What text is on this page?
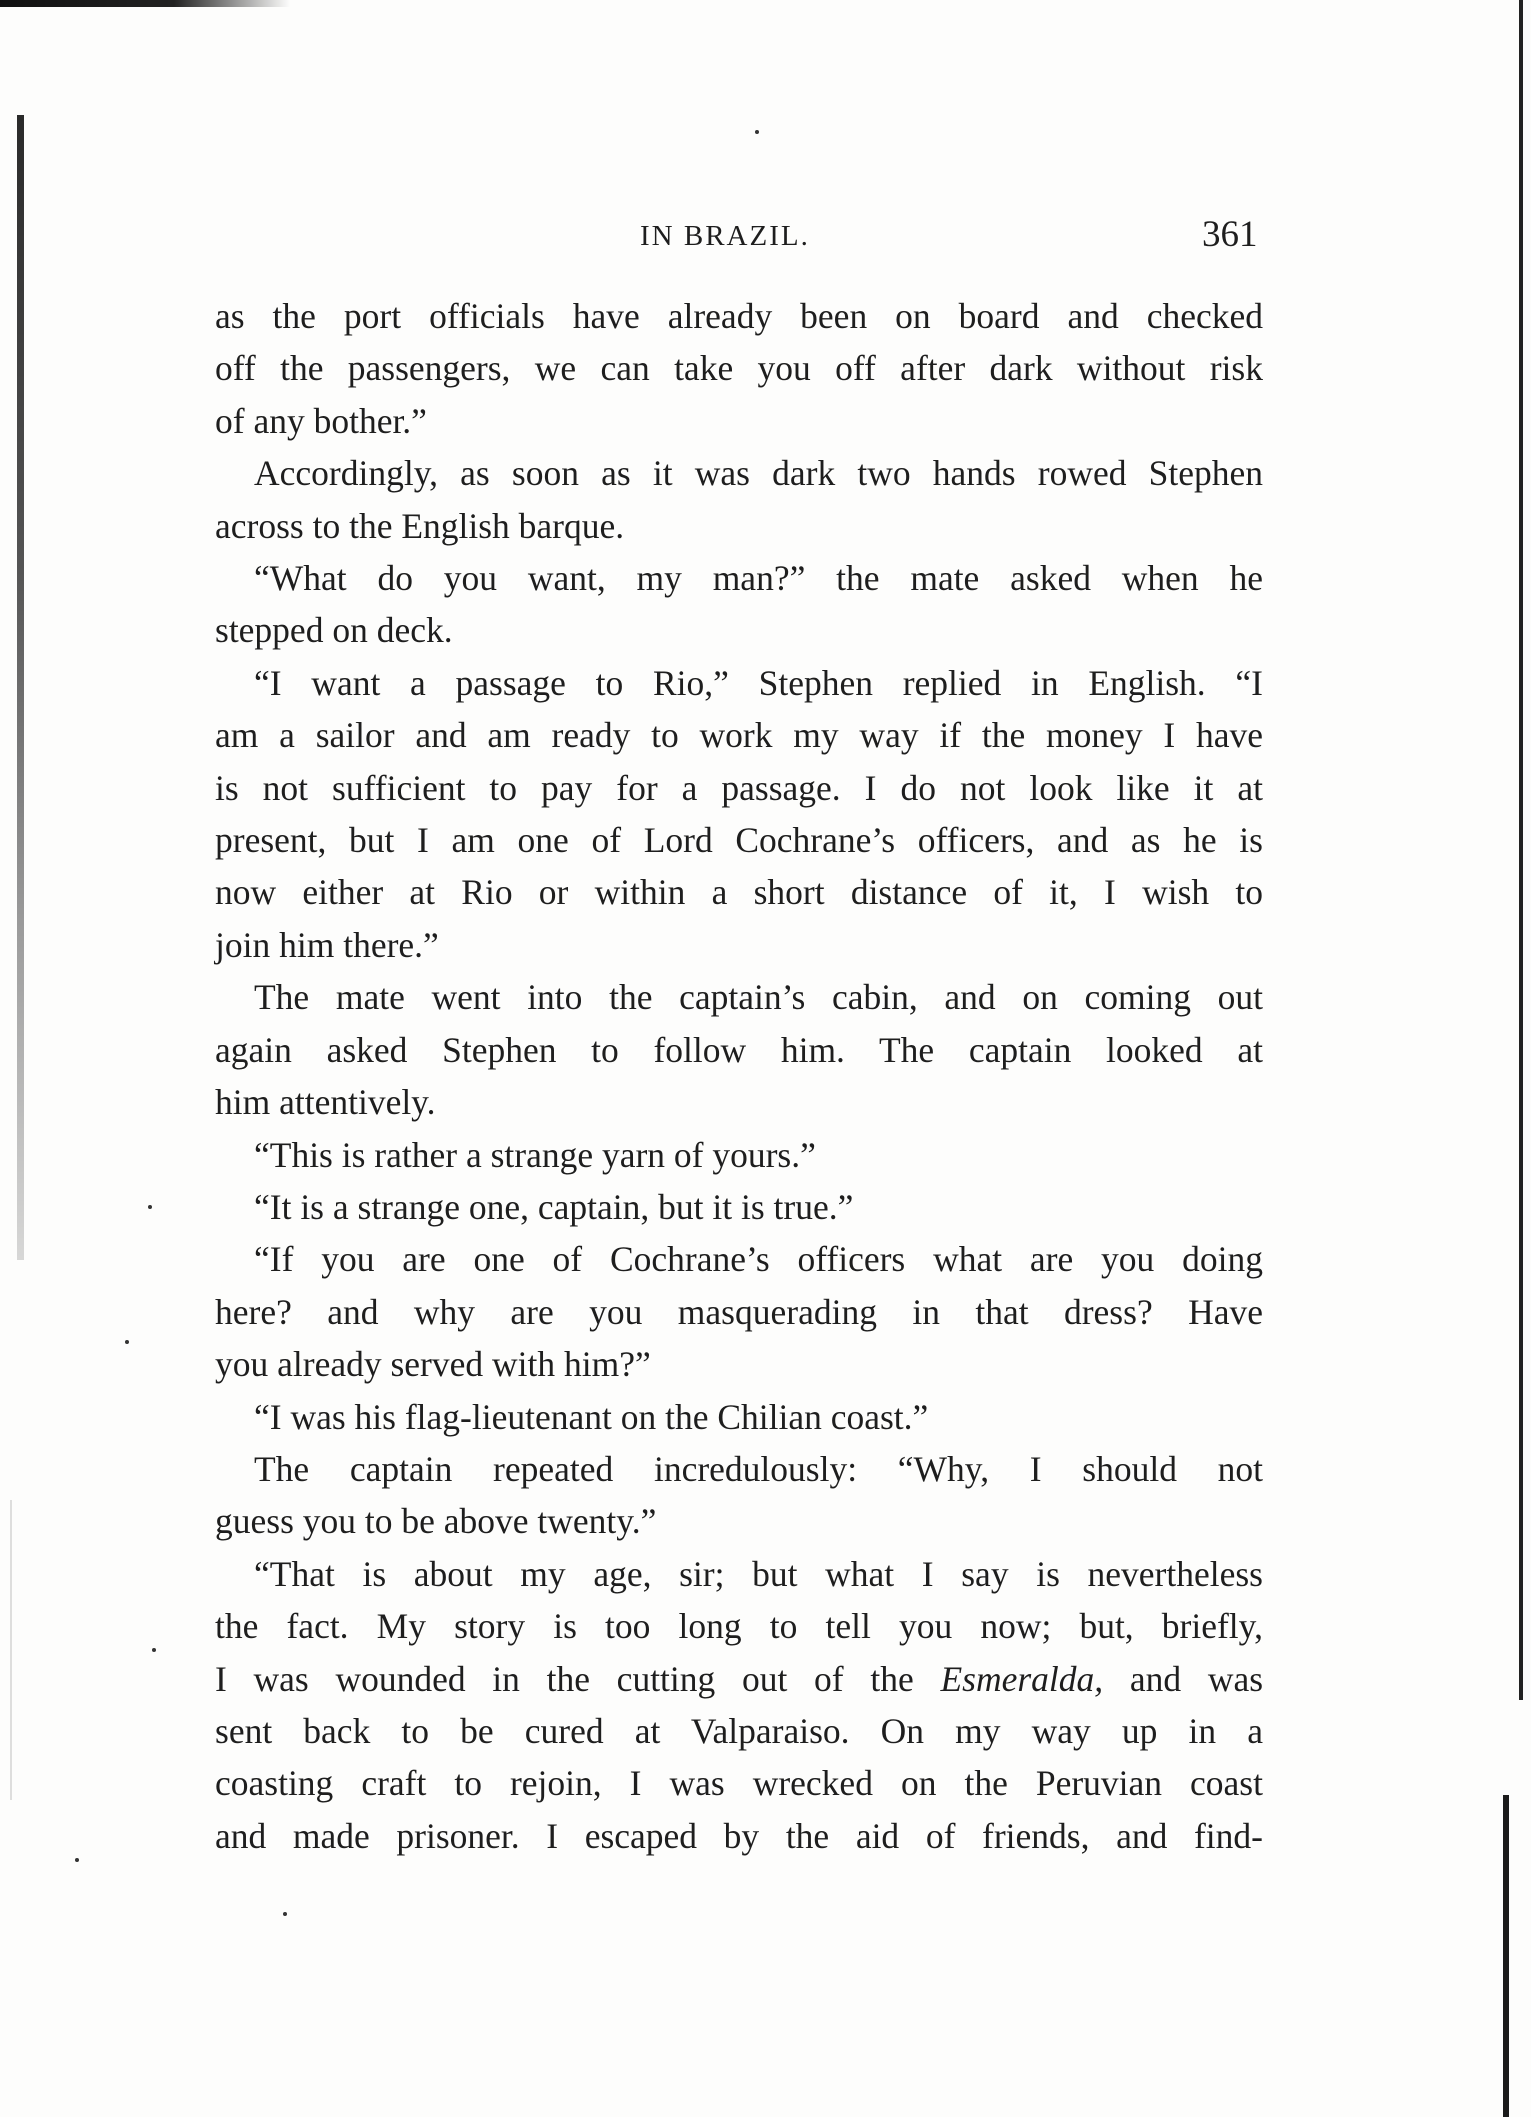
IN BRAZIL.	361
as the port officials have already been on board and checked
off the passengers, we can take you off after dark without risk
of any bother.”
Accordingly, as soon as it was dark two hands rowed Stephen
across to the English barque.
“What do you want, my man?” the mate asked when he
stepped on deck.
“I want a passage to Rio,” Stephen replied in English. “I
am a sailor and am ready to work my way if the money I have
is not sufficient to pay for a passage. I do not look like it at
present, but I am one of Lord Cochrane’s officers, and as he is
now either at Rio or within a short distance of it, I wish to
join him there.”
The mate went into the captain’s cabin, and on coming out
again asked Stephen to follow him. The captain looked at
him attentively.
“This is rather a strange yarn of yours.”
“It is a strange one, captain, but it is true.”
“If you are one of Cochrane’s officers what are you doing
here? and why are you masquerading in that dress? Have
you already served with him?”
“I was his flag-lieutenant on the Chilian coast.”
The captain repeated incredulously: “Why, I should not
guess you to be above twenty.”
“That is about my age, sir; but what I say is nevertheless
the fact. My story is too long to tell you now; but, briefly,
I was wounded in the cutting out of the Esmeralda, and was
sent back to be cured at Valparaiso. On my way up in a
coasting craft to rejoin, I was wrecked on the Peruvian coast
and made prisoner. I escaped by the aid of friends, and find-
